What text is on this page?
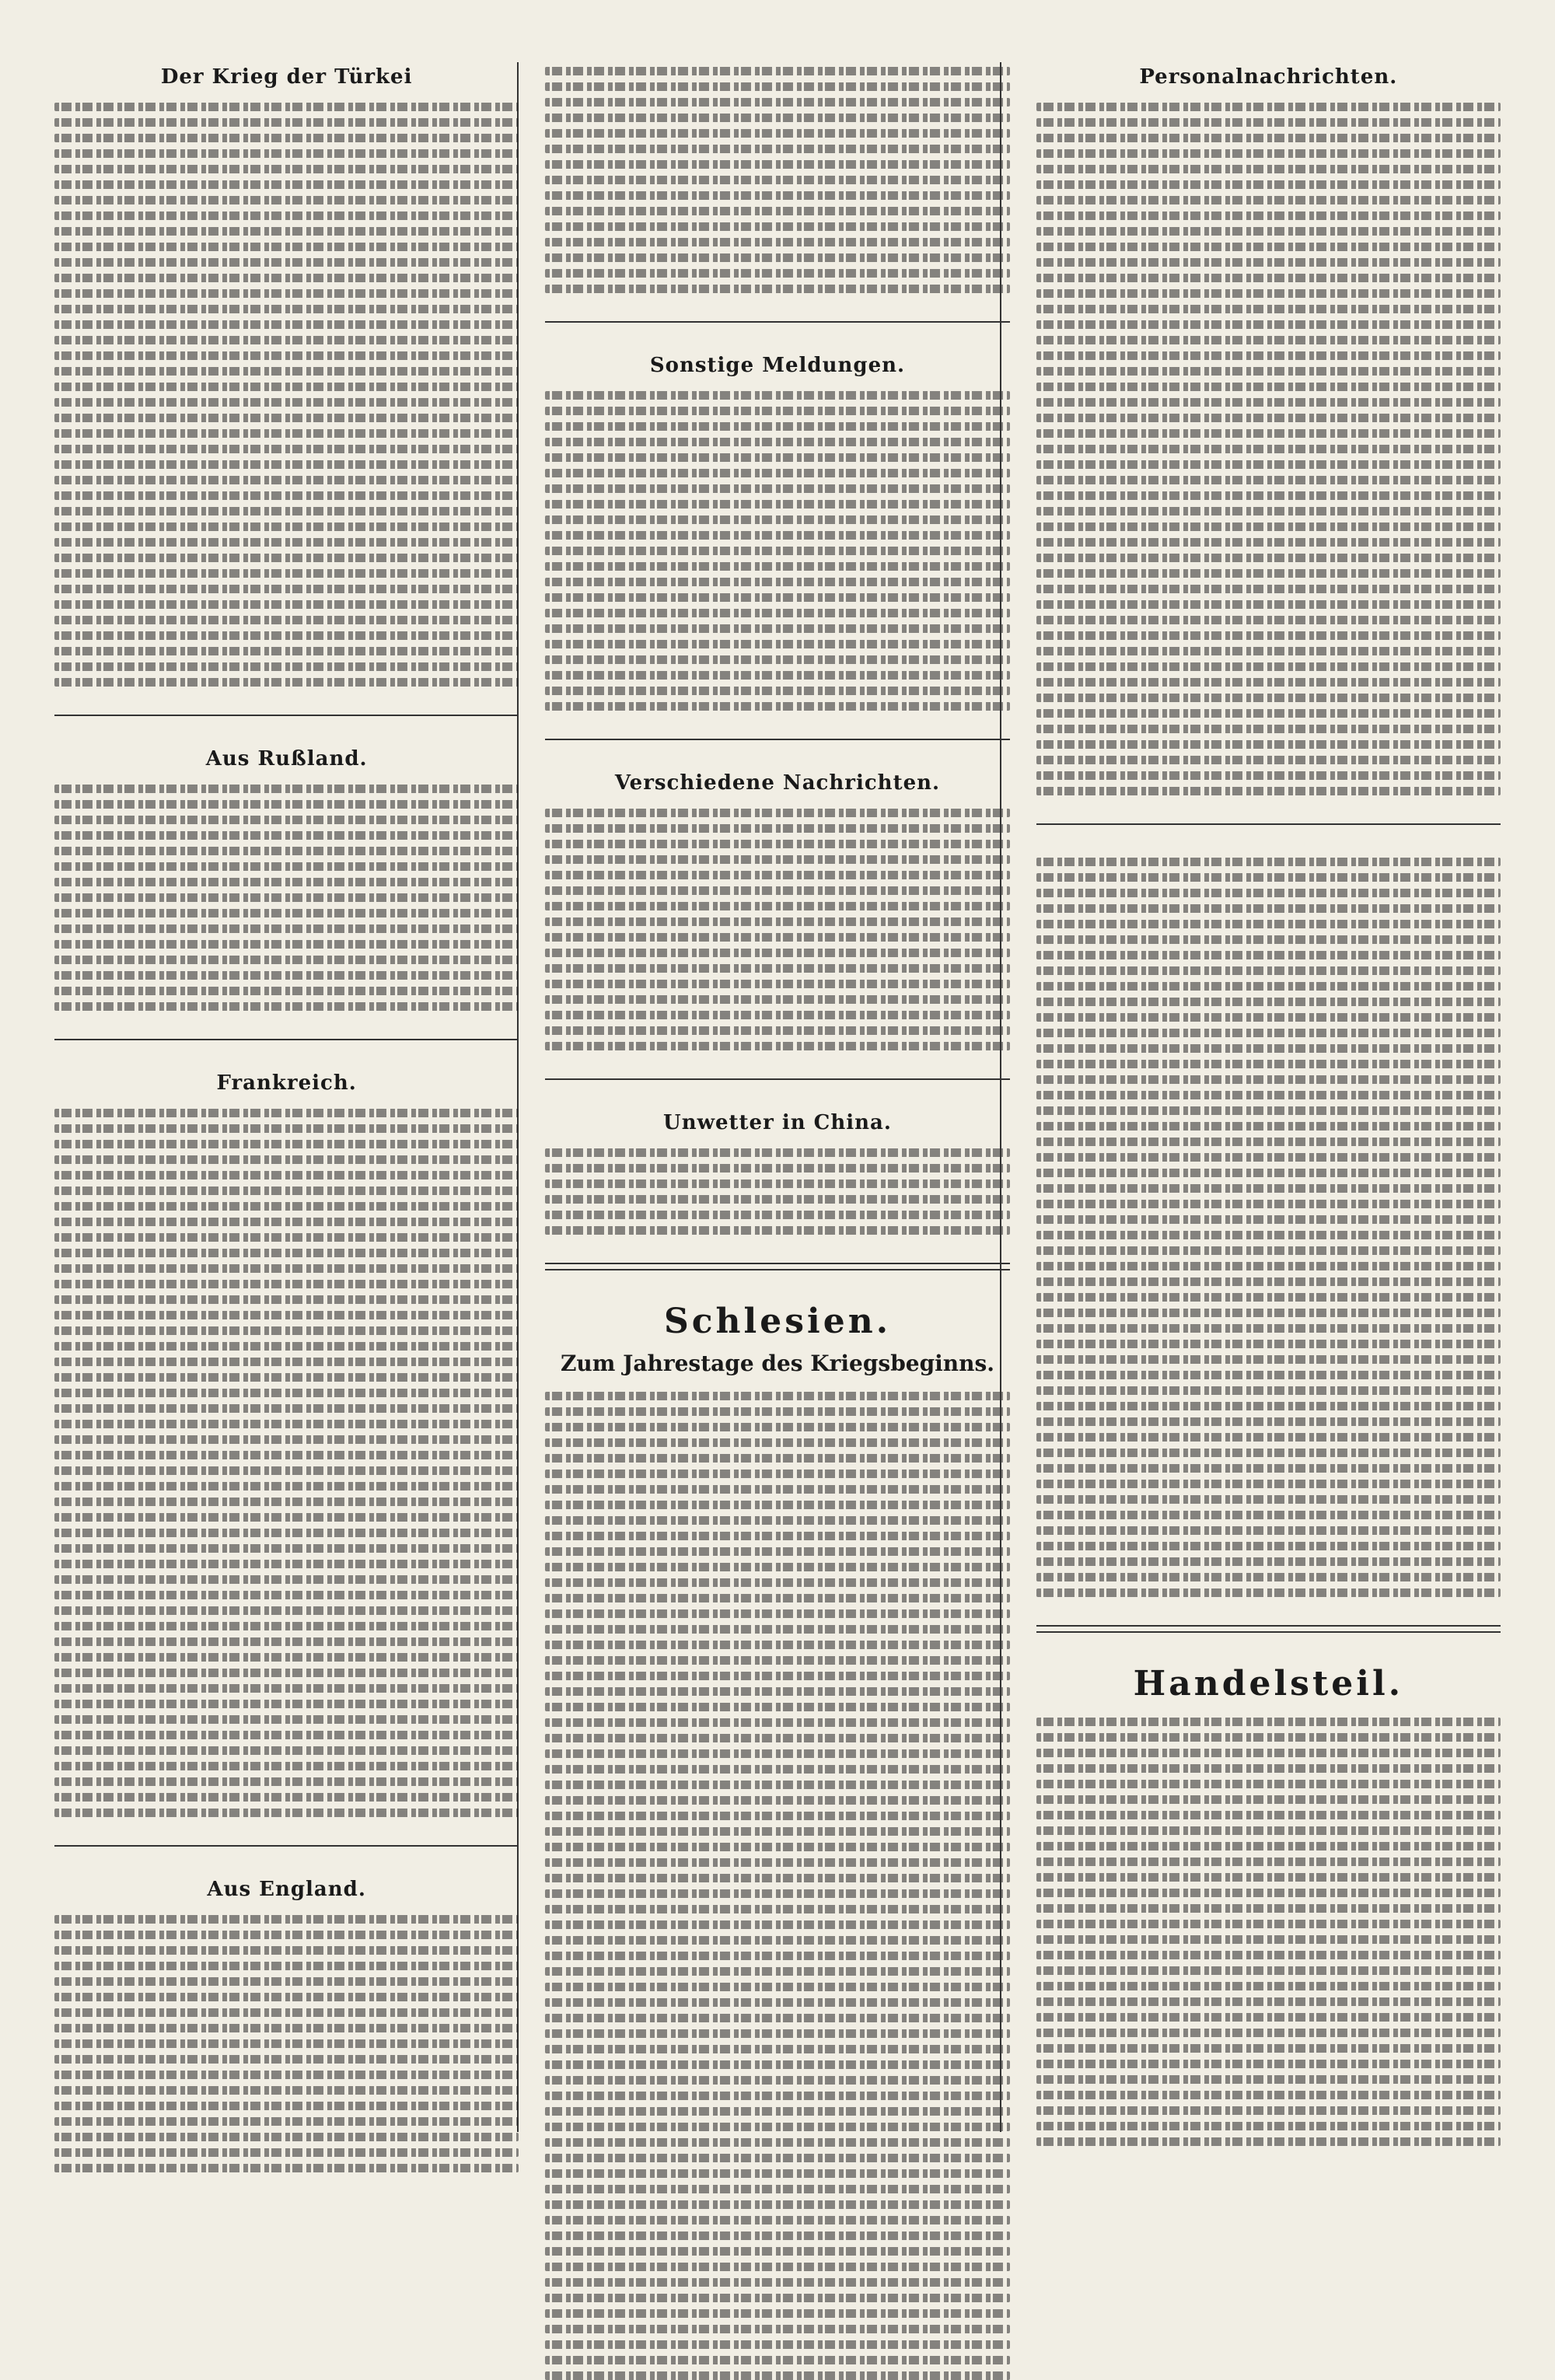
Der Krieg der Türkei
Aus Rußland.
Frankreich.
Aus England.
Sonstige Meldungen.
Verschiedene Nachrichten.
Unwetter in China.
Schlesien.
Zum Jahrestage des Kriegsbeginns.
Personalnachrichten.
Handelsteil.
